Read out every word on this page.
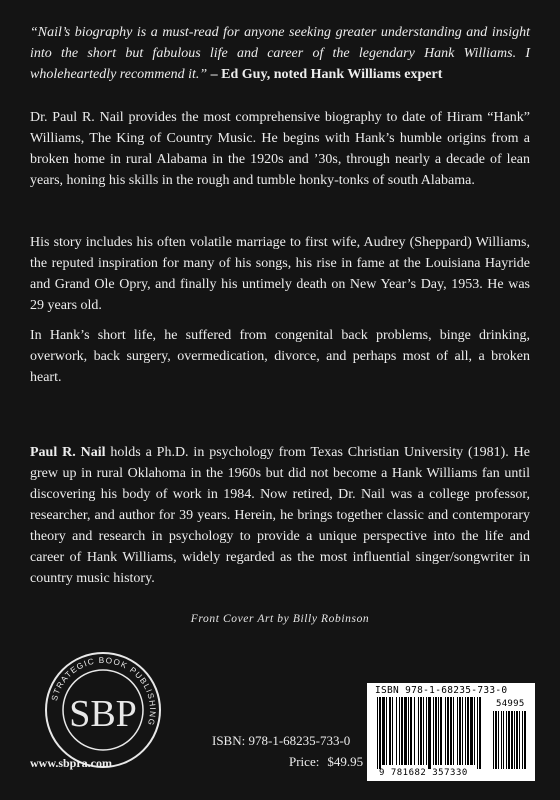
“Nail’s biography is a must-read for anyone seeking greater understanding and insight into the short but fabulous life and career of the legendary Hank Williams. I wholeheartedly recommend it.” – Ed Guy, noted Hank Williams expert

Dr. Paul R. Nail provides the most comprehensive biography to date of Hiram “Hank” Williams, The King of Country Music. He begins with Hank’s humble origins from a broken home in rural Alabama in the 1920s and ’30s, through nearly a decade of lean years, honing his skills in the rough and tumble honky-tonks of south Alabama.

His story includes his often volatile marriage to first wife, Audrey (Sheppard) Williams, the reputed inspiration for many of his songs, his rise in fame at the Louisiana Hayride and Grand Ole Opry, and finally his untimely death on New Year’s Day, 1953. He was 29 years old.

In Hank’s short life, he suffered from congenital back problems, binge drinking, overwork, back surgery, overmedication, divorce, and perhaps most of all, a broken heart.

Paul R. Nail holds a Ph.D. in psychology from Texas Christian University (1981). He grew up in rural Oklahoma in the 1960s but did not become a Hank Williams fan until discovering his body of work in 1984. Now retired, Dr. Nail was a college professor, researcher, and author for 39 years. Herein, he brings together classic and contemporary theory and research in psychology to provide a unique perspective into the life and career of Hank Williams, widely regarded as the most influential singer/songwriter in country music history.

Front Cover Art by Billy Robinson
STRATEGIC BOOK PUBLISHING
SBP
www.sbpra.com
ISBN: 978-1-68235-733-0
Price: $49.95
ISBN 978-1-68235-733-0
54995
9 781682 357330
